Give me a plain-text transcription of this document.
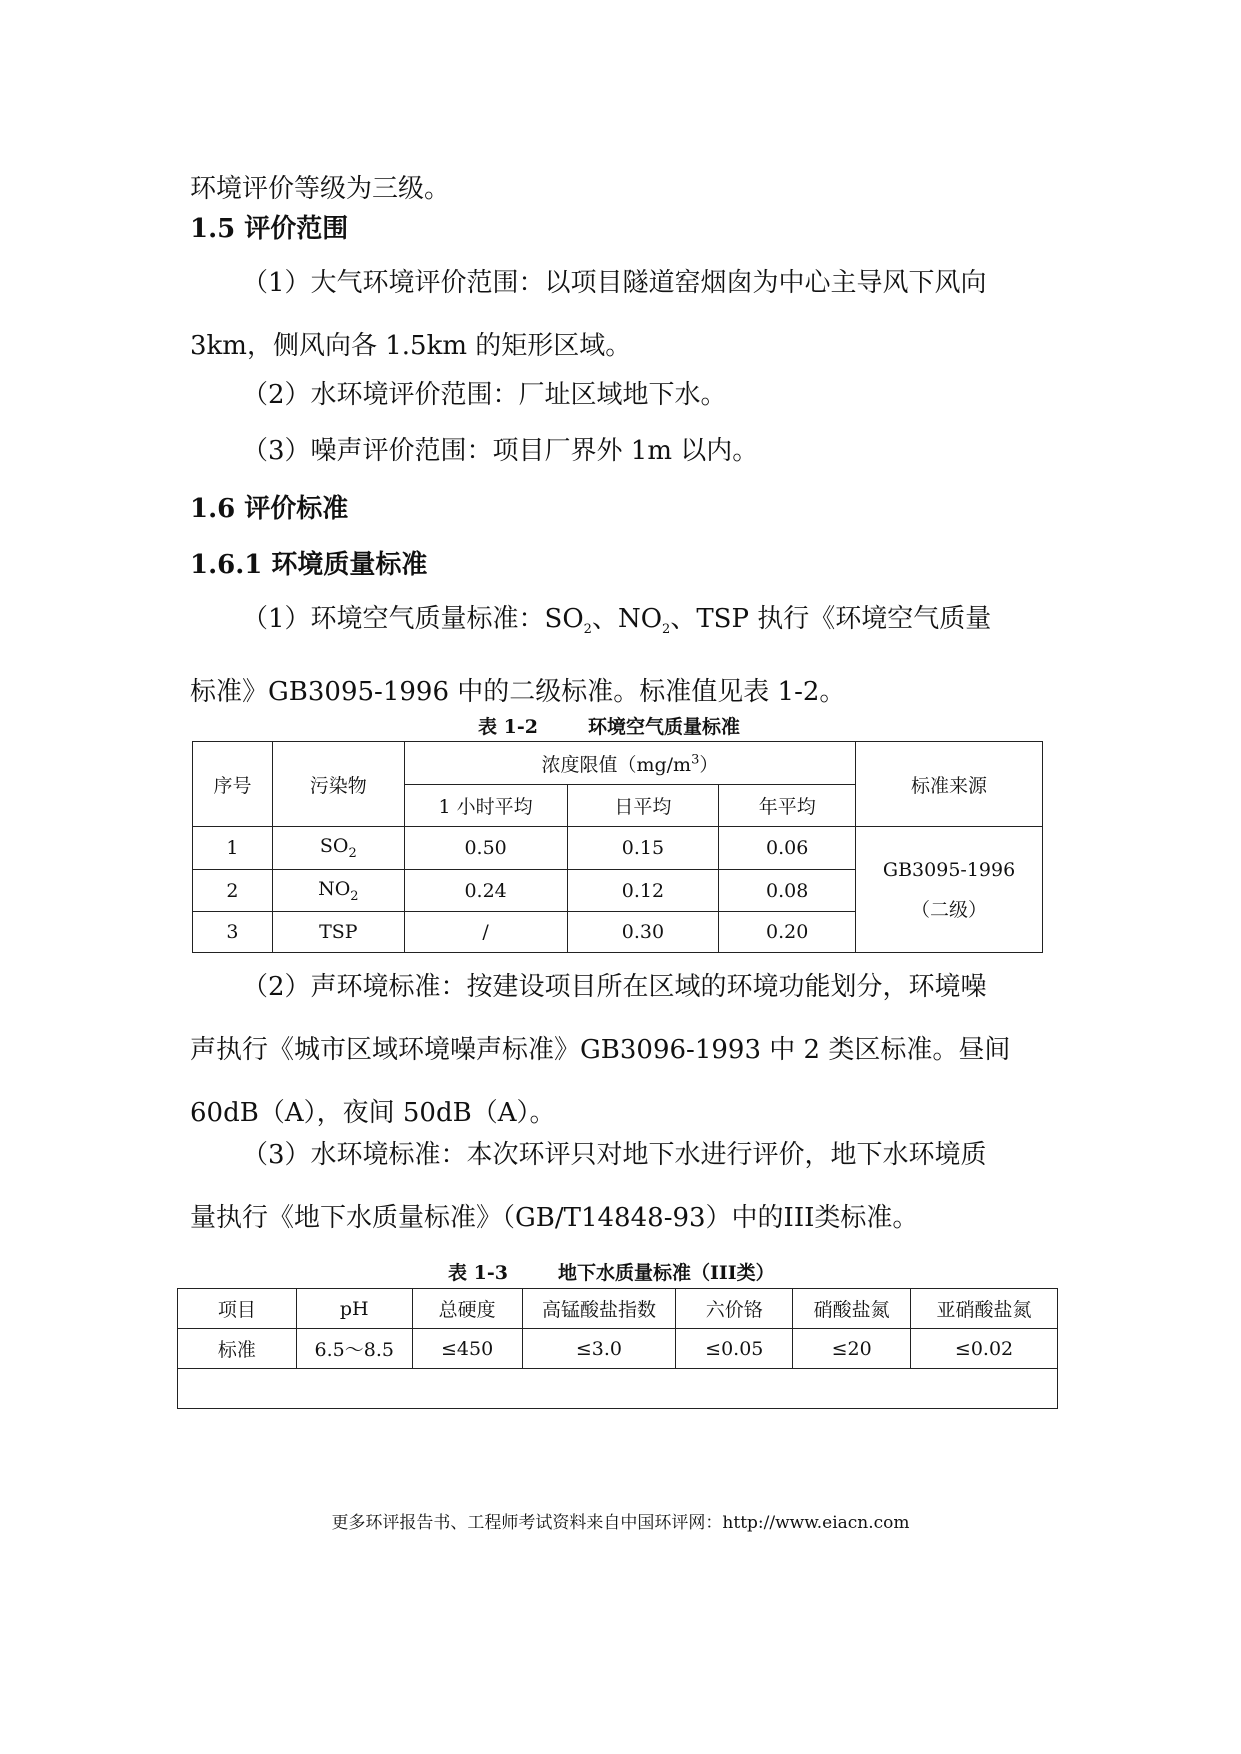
环境评价等级为三级。

1.5 评价范围

（1）大气环境评价范围：以项目隧道窑烟囱为中心主导风下风向
3km，侧风向各 1.5km 的矩形区域。

（2）水环境评价范围：厂址区域地下水。

（3）噪声评价范围：项目厂界外 1m 以内。

1.6 评价标准
1.6.1 环境质量标准

（1）环境空气质量标准：$SO_2$、$NO_2$、TSP 执行《环境空气质量
标准》GB3095-1996 中的二级标准。标准值见表 1-2。

表 1-2	环境空气质量标准
序号	污染物	浓度限值$(mg/m^3)$			标准来源
		1 小时平均	日平均	年平均	
1	$SO_2$	0.50	0.15	0.06	GB3095-1996
（二级）
2	$NO_2$	0.24	0.12	0.08	
3	TSP	/	0.30	0.20	

（2）声环境标准：按建设项目所在区域的环境功能划分，环境噪
声执行《城市区域环境噪声标准》GB3096-1993 中 2 类区标准。昼间
60dB（A），夜间 50dB（A）。

（3）水环境标准：本次环评只对地下水进行评价，地下水环境质
量执行《地下水质量标准》（GB/T14848-93）中的III类标准。

表 1-3	地下水质量标准（III类）
项目	pH	总硬度	高锰酸盐指数	六价铬	硝酸盐氮	亚硝酸盐氮
标准	6.5～8.5	≤450	≤3.0	≤0.05	≤20	≤0.02

更多环评报告书、工程师考试资料来自中国环评网：http://www.eiacn.com
